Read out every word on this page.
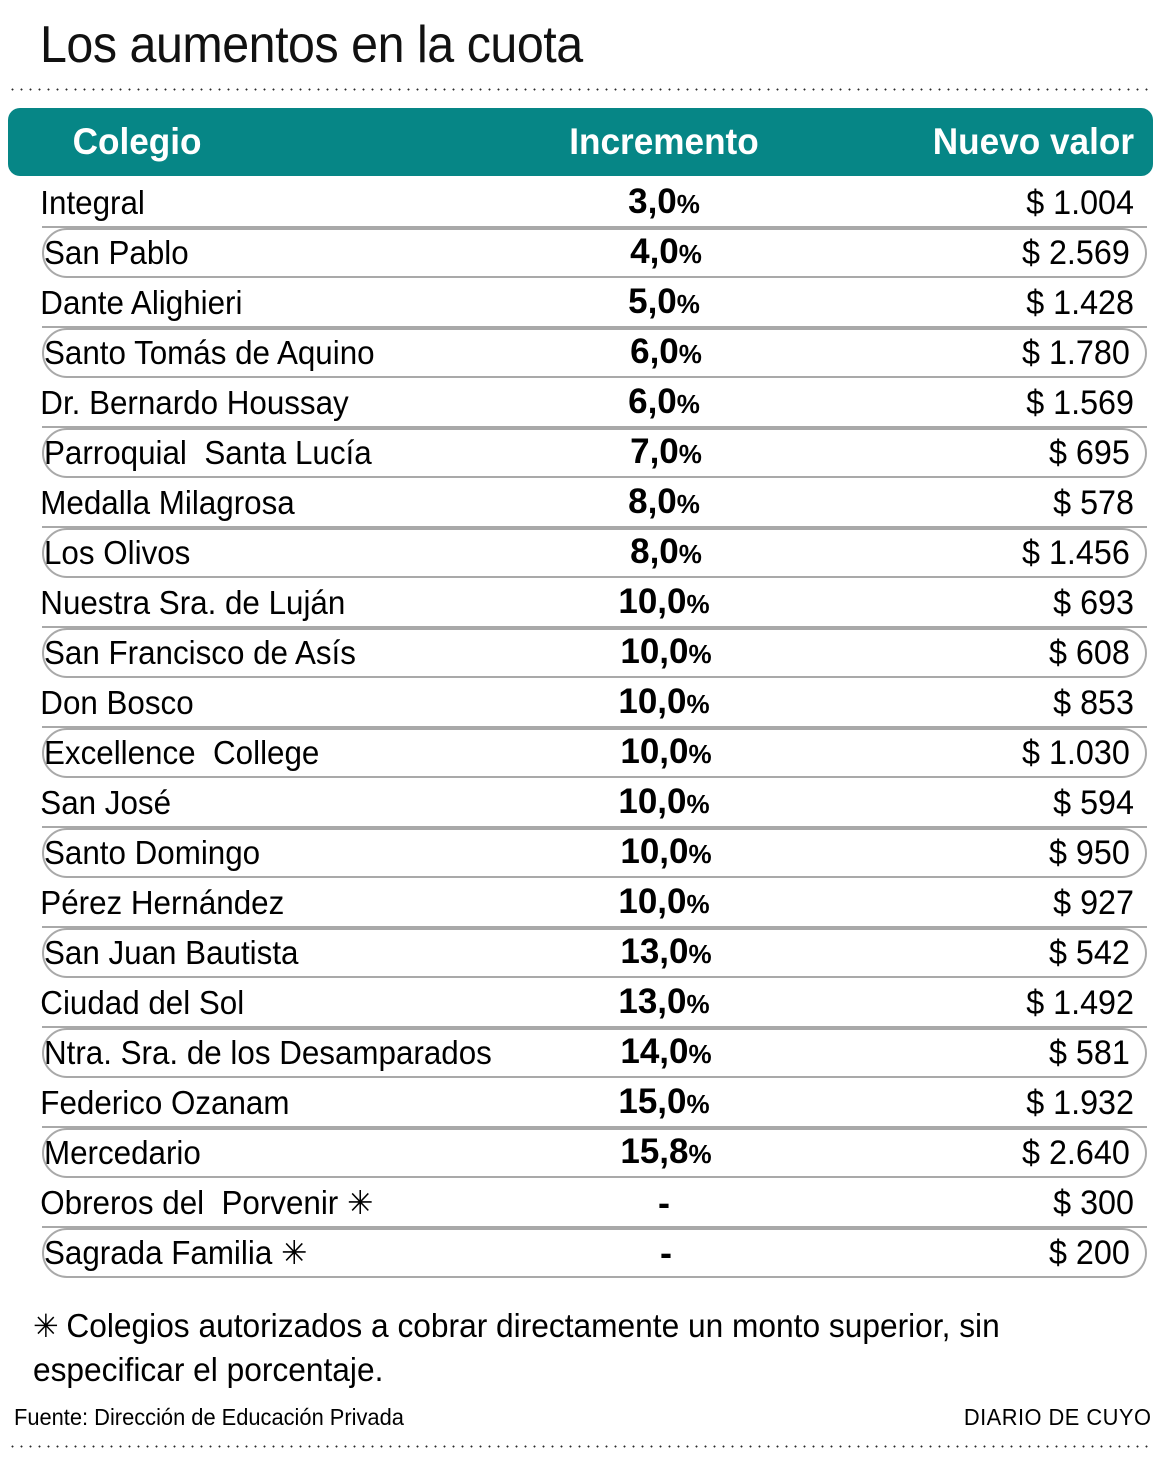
Los aumentos en la cuota
Colegio	Incremento	Nuevo valor
Integral	3,0%	$ 1.004
San Pablo	4,0%	$ 2.569
Dante Alighieri	5,0%	$ 1.428
Santo Tomás de Aquino	6,0%	$ 1.780
Dr. Bernardo Houssay	6,0%	$ 1.569
Parroquial  Santa Lucía	7,0%	$ 695
Medalla Milagrosa	8,0%	$ 578
Los Olivos	8,0%	$ 1.456
Nuestra Sra. de Luján	10,0%	$ 693
San Francisco de Asís	10,0%	$ 608
Don Bosco	10,0%	$ 853
Excellence  College	10,0%	$ 1.030
San José	10,0%	$ 594
Santo Domingo	10,0%	$ 950
Pérez Hernández	10,0%	$ 927
San Juan Bautista	13,0%	$ 542
Ciudad del Sol	13,0%	$ 1.492
Ntra. Sra. de los Desamparados	14,0%	$ 581
Federico Ozanam	15,0%	$ 1.932
Mercedario	15,8%	$ 2.640
Obreros del  Porvenir ✳	-	$ 300
Sagrada Familia ✳	-	$ 200
✳ Colegios autorizados a cobrar directamente un monto superior, sin especificar el porcentaje.
Fuente: Dirección de Educación Privada	DIARIO DE CUYO
